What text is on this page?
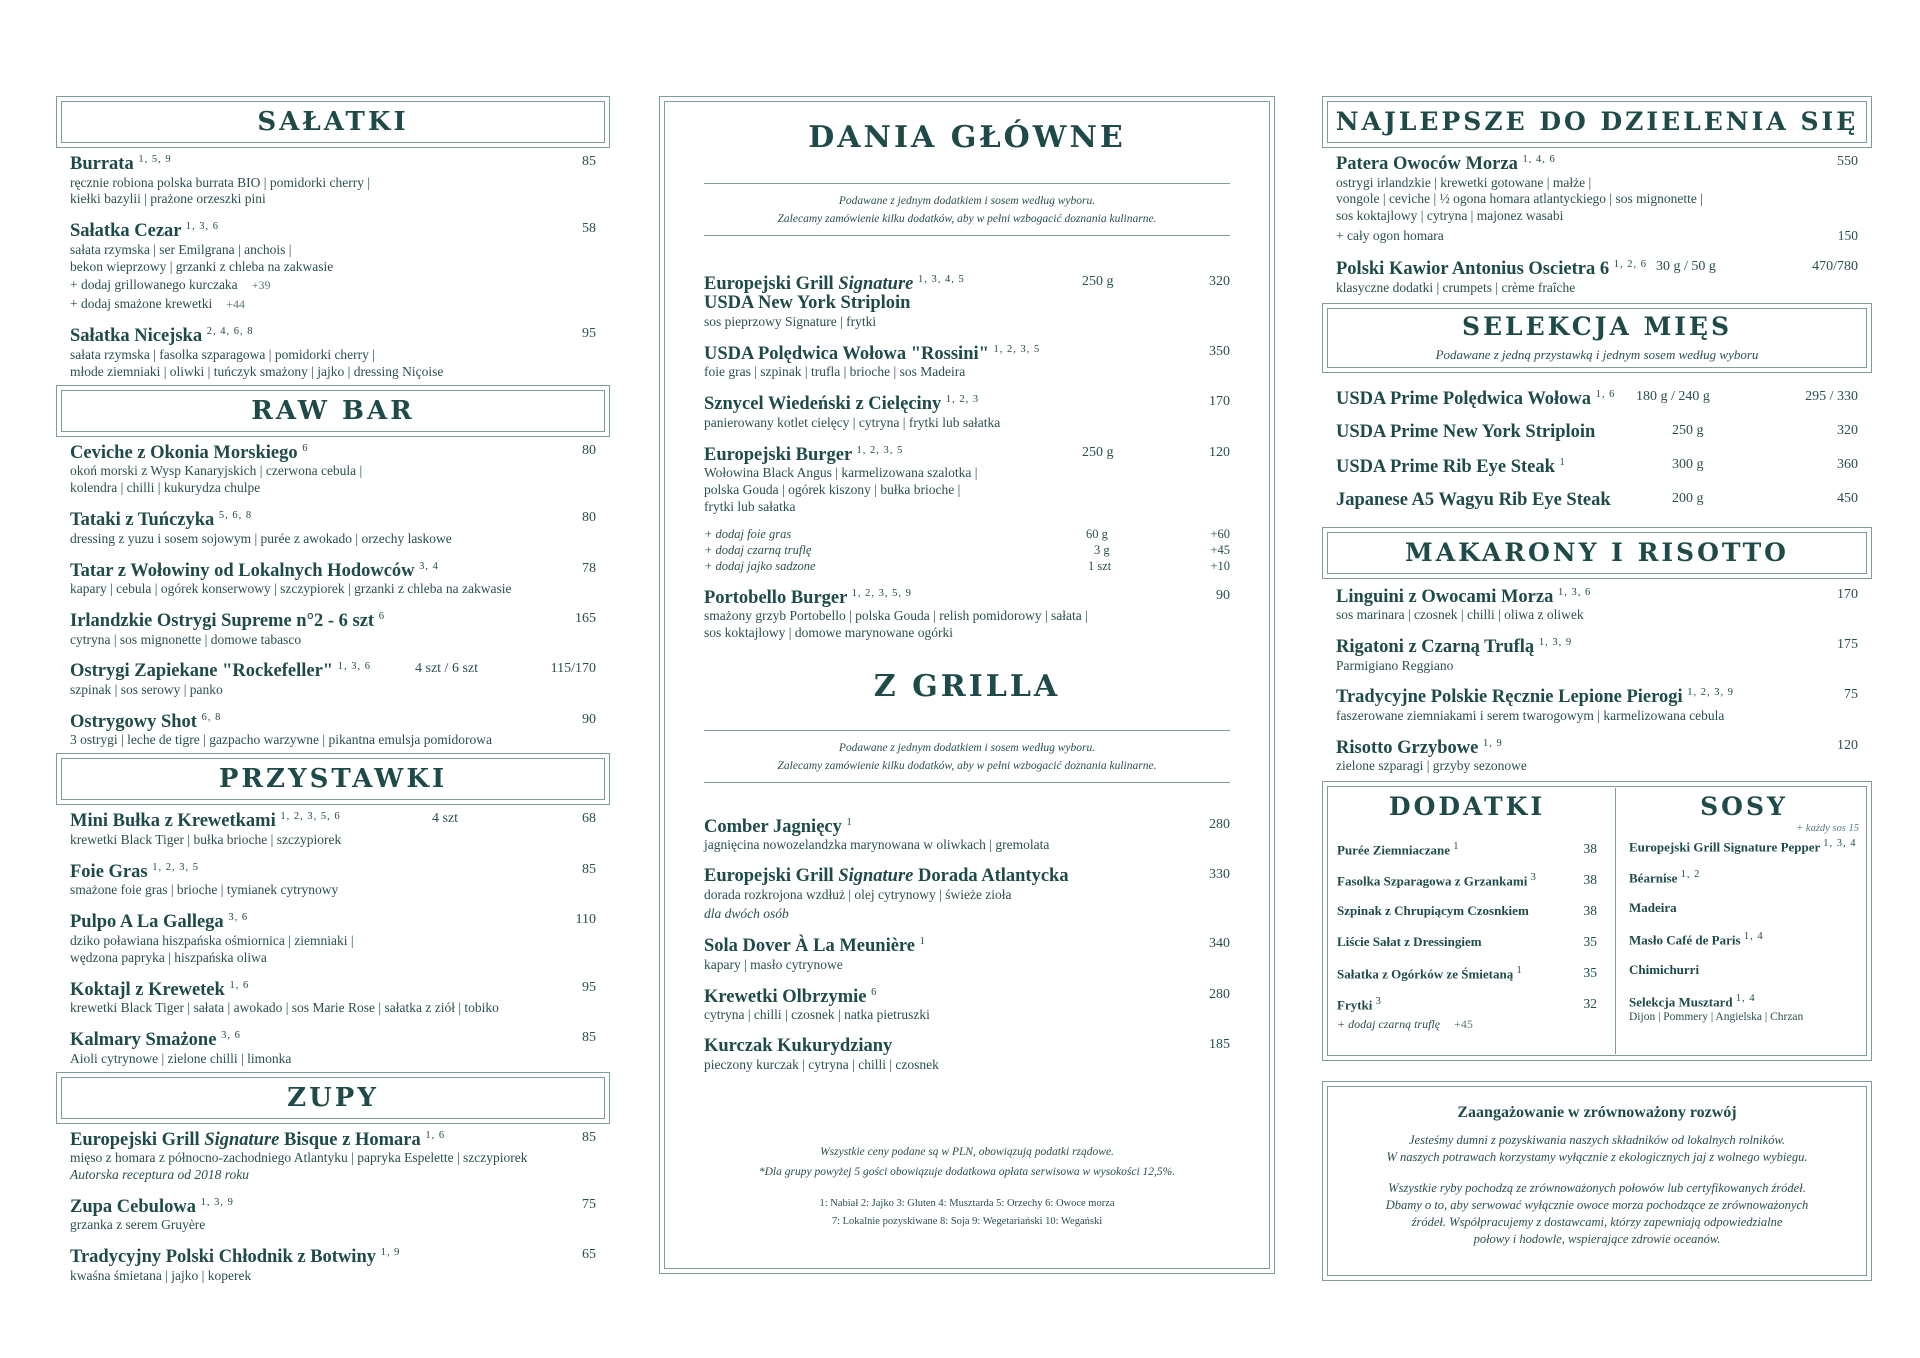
SAŁATKI
Burrata $^{1, 5, 9}$	85
ręcznie robiona polska burrata BIO | pomidorki cherry |
kiełki bazylii | prażone orzeszki pini
Sałatka Cezar $^{1, 3, 6}$	58
sałata rzymska | ser Emilgrana | anchois |
bekon wieprzowy | grzanki z chleba na zakwasie
+ dodaj grillowanego kurczaka +39
+ dodaj smażone krewetki +44
Sałatka Nicejska $^{2, 4, 6, 8}$	95
sałata rzymska | fasolka szparagowa | pomidorki cherry |
młode ziemniaki | oliwki | tuńczyk smażony | jajko | dressing Niçoise
RAW BAR
Ceviche z Okonia Morskiego $^6$	80
okoń morski z Wysp Kanaryjskich | czerwona cebula |
kolendra | chilli | kukurydza chulpe
Tataki z Tuńczyka $^{5, 6, 8}$	80
dressing z yuzu i sosem sojowym | purée z awokado | orzechy laskowe
Tatar z Wołowiny od Lokalnych Hodowców $^{3, 4}$	78
kapary | cebula | ogórek konserwowy | szczypiorek | grzanki z chleba na zakwasie
Irlandzkie Ostrygi Supreme n°2 - 6 szt $^6$	165
cytryna | sos mignonette | domowe tabasco
Ostrygi Zapiekane "Rockefeller" $^{1, 3, 6}$	4 szt / 6 szt	115/170
szpinak | sos serowy | panko
Ostrygowy Shot $^{6, 8}$	90
3 ostrygi | leche de tigre | gazpacho warzywne | pikantna emulsja pomidorowa
PRZYSTAWKI
Mini Bułka z Krewetkami $^{1, 2, 3, 5, 6}$	4 szt	68
krewetki Black Tiger | bułka brioche | szczypiorek
Foie Gras $^{1, 2, 3, 5}$	85
smażone foie gras | brioche | tymianek cytrynowy
Pulpo A La Gallega $^{3, 6}$	110
dziko poławiana hiszpańska ośmiornica | ziemniaki |
wędzona papryka | hiszpańska oliwa
Koktajl z Krewetek $^{1, 6}$	95
krewetki Black Tiger | sałata | awokado | sos Marie Rose | sałatka z ziół | tobiko
Kalmary Smażone $^{3, 6}$	85
Aioli cytrynowe | zielone chilli | limonka
ZUPY
Europejski Grill Signature Bisque z Homara $^{1, 6}$	85
mięso z homara z północno-zachodniego Atlantyku | papryka Espelette | szczypiorek
Autorska receptura od 2018 roku
Zupa Cebulowa $^{1, 3, 9}$	75
grzanka z serem Gruyère
Tradycyjny Polski Chłodnik z Botwiny $^{1, 9}$	65
kwaśna śmietana | jajko | koperek
DANIA GŁÓWNE
Podawane z jednym dodatkiem i sosem według wyboru.
Zalecamy zamówienie kilku dodatków, aby w pełni wzbogacić doznania kulinarne.
Europejski Grill Signature $^{1, 3, 4, 5}$
USDA New York Striploin
250 g	320
sos pieprzowy Signature | frytki
USDA Polędwica Wołowa "Rossini" $^{1, 2, 3, 5}$	350
foie gras | szpinak | trufla | brioche | sos Madeira
Sznycel Wiedeński z Cielęciny $^{1, 2, 3}$	170
panierowany kotlet cielęcy | cytryna | frytki lub sałatka
Europejski Burger $^{1, 2, 3, 5}$	250 g	120
Wołowina Black Angus | karmelizowana szalotka |
polska Gouda | ogórek kiszony | bułka brioche |
frytki lub sałatka
+ dodaj foie gras	60 g	+60
+ dodaj czarną truflę	3 g	+45
+ dodaj jajko sadzone	1 szt	+10
Portobello Burger $^{1, 2, 3, 5, 9}$	90
smażony grzyb Portobello | polska Gouda | relish pomidorowy | sałata |
sos koktajlowy | domowe marynowane ogórki
Z GRILLA
Podawane z jednym dodatkiem i sosem według wyboru.
Zalecamy zamówienie kilku dodatków, aby w pełni wzbogacić doznania kulinarne.
Comber Jagnięcy $^1$	280
jagnięcina nowozelandzka marynowana w oliwkach | gremolata
Europejski Grill Signature Dorada Atlantycka	330
dorada rozkrojona wzdłuż | olej cytrynowy | świeże zioła
dla dwóch osób
Sola Dover À La Meunière $^1$	340
kapary | masło cytrynowe
Krewetki Olbrzymie $^6$	280
cytryna | chilli | czosnek | natka pietruszki
Kurczak Kukurydziany	185
pieczony kurczak | cytryna | chilli | czosnek
Wszystkie ceny podane są w PLN, obowiązują podatki rządowe.
*Dla grupy powyżej 5 gości obowiązuje dodatkowa opłata serwisowa w wysokości 12,5%.
1: Nabiał 2: Jajko 3: Gluten 4: Musztarda 5: Orzechy 6: Owoce morza
7: Lokalnie pozyskiwane 8: Soja 9: Wegetariański 10: Wegański
NAJLEPSZE DO DZIELENIA SIĘ
Patera Owoców Morza $^{1, 4, 6}$	550
ostrygi irlandzkie | krewetki gotowane | małże |
vongole | ceviche | ½ ogona homara atlantyckiego | sos mignonette |
sos koktajlowy | cytryna | majonez wasabi
+ cały ogon homara	150
Polski Kawior Antonius Oscietra 6 $^{1, 2, 6}$ 30 g / 50 g	470/780
klasyczne dodatki | crumpets | crème fraîche
SELEKCJA MIĘS
Podawane z jedną przystawką i jednym sosem według wyboru
USDA Prime Polędwica Wołowa $^{1, 6}$	180 g / 240 g	295 / 330
USDA Prime New York Striploin	250 g	320
USDA Prime Rib Eye Steak $^1$	300 g	360
Japanese A5 Wagyu Rib Eye Steak	200 g	450
MAKARONY I RISOTTO
Linguini z Owocami Morza $^{1, 3, 6}$	170
sos marinara | czosnek | chilli | oliwa z oliwek
Rigatoni z Czarną Truflą $^{1, 3, 9}$	175
Parmigiano Reggiano
Tradycyjne Polskie Ręcznie Lepione Pierogi $^{1, 2, 3, 9}$	75
faszerowane ziemniakami i serem twarogowym | karmelizowana cebula
Risotto Grzybowe $^{1, 9}$	120
zielone szparagi | grzyby sezonowe
DODATKI
Purée Ziemniaczane $^1$	38
Fasolka Szparagowa z Grzankami $^3$	38
Szpinak z Chrupiącym Czosnkiem	38
Liście Sałat z Dressingiem	35
Sałatka z Ogórków ze Śmietaną $^1$	35
Frytki $^3$	32
+ dodaj czarną truflę +45
SOSY
+ każdy sos 15
Europejski Grill Signature Pepper $^{1, 3, 4}$
Béarnise $^{1, 2}$
Madeira
Masło Café de Paris $^{1, 4}$
Chimichurri
Selekcja Musztard $^{1, 4}$
Dijon | Pommery | Angielska | Chrzan
Zaangażowanie w zrównoważony rozwój
Jesteśmy dumni z pozyskiwania naszych składników od lokalnych rolników.
W naszych potrawach korzystamy wyłącznie z ekologicznych jaj z wolnego wybiegu.
Wszystkie ryby pochodzą ze zrównoważonych połowów lub certyfikowanych źródeł.
Dbamy o to, aby serwować wyłącznie owoce morza pochodzące ze zrównoważonych
źródeł. Współpracujemy z dostawcami, którzy zapewniają odpowiedzialne
połowy i hodowle, wspierające zdrowie oceanów.
